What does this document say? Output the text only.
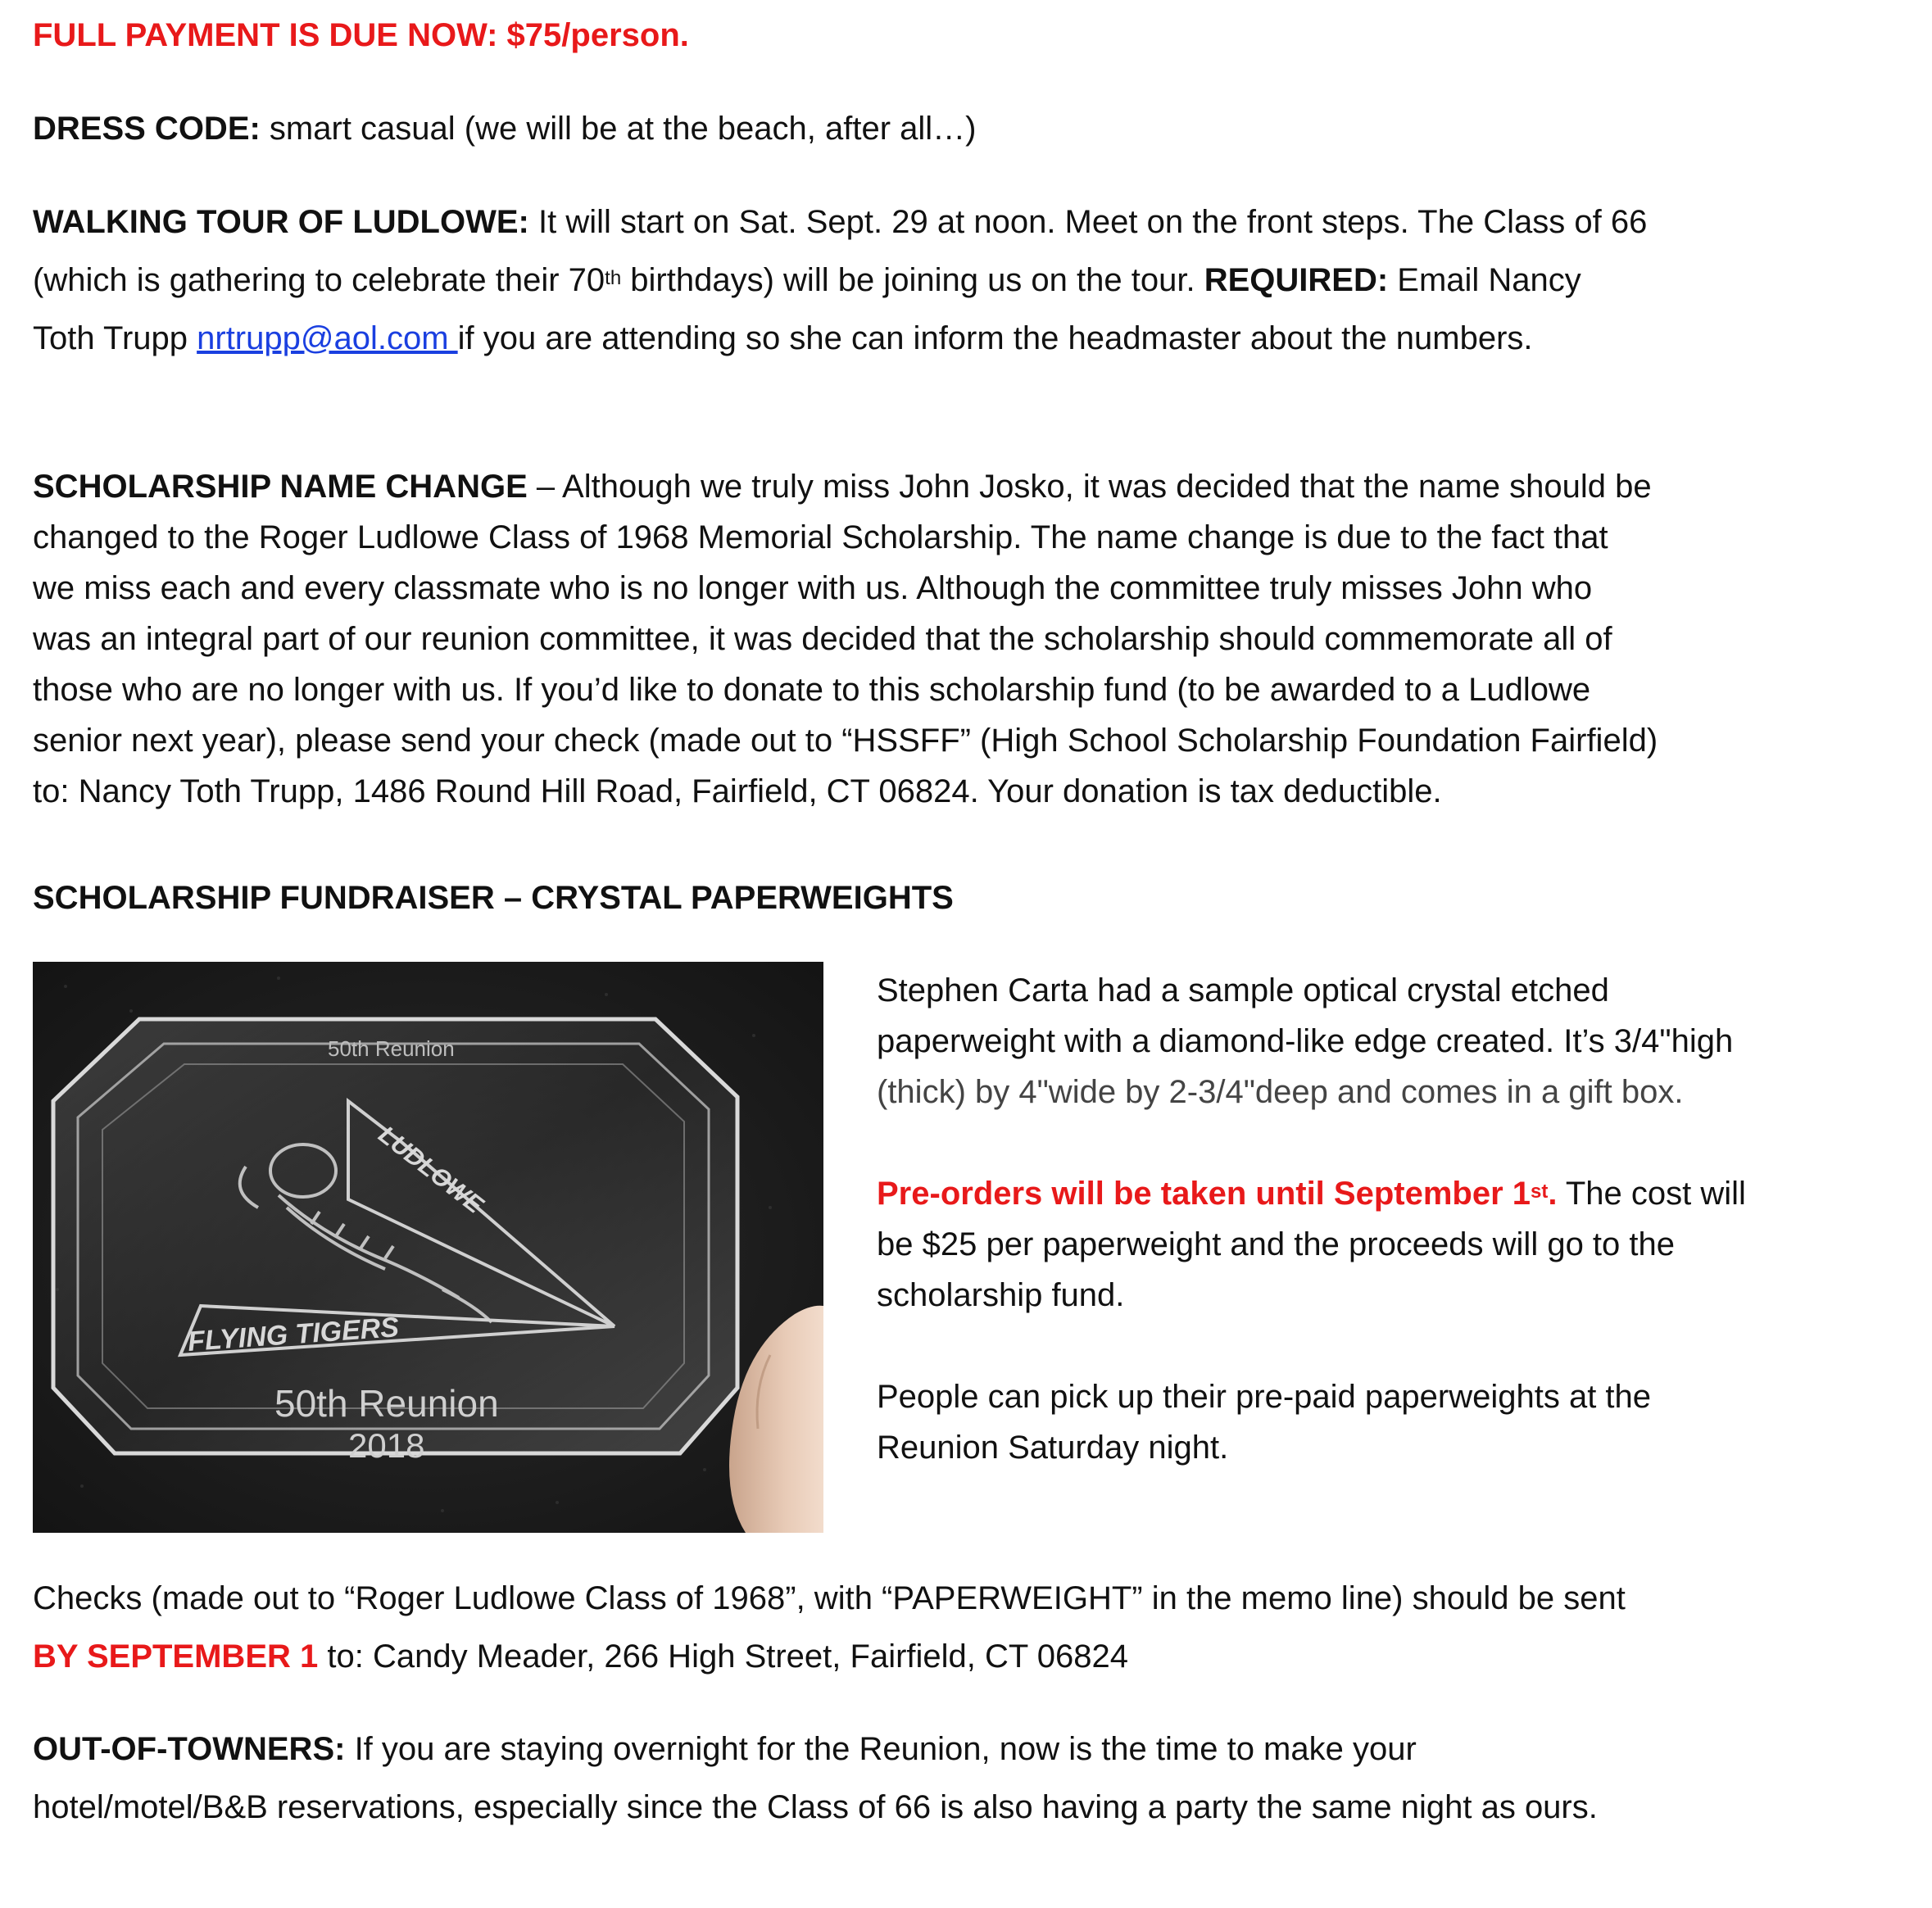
FULL PAYMENT IS DUE NOW: $75/person.

DRESS CODE: smart casual (we will be at the beach, after all…)

WALKING TOUR OF LUDLOWE: It will start on Sat. Sept. 29 at noon. Meet on the front steps. The Class of 66

(which is gathering to celebrate their 70th birthdays) will be joining us on the tour. REQUIRED: Email Nancy

Toth Trupp nrtrupp@aol.com if you are attending so she can inform the headmaster about the numbers.

SCHOLARSHIP NAME CHANGE – Although we truly miss John Josko, it was decided that the name should be

changed to the Roger Ludlowe Class of 1968 Memorial Scholarship. The name change is due to the fact that

we miss each and every classmate who is no longer with us. Although the committee truly misses John who

was an integral part of our reunion committee, it was decided that the scholarship should commemorate all of

those who are no longer with us. If you’d like to donate to this scholarship fund (to be awarded to a Ludlowe

senior next year), please send your check (made out to “HSSFF” (High School Scholarship Foundation Fairfield)

to: Nancy Toth Trupp, 1486 Round Hill Road, Fairfield, CT 06824. Your donation is tax deductible.

SCHOLARSHIP FUNDRAISER – CRYSTAL PAPERWEIGHTS

50th Reunion
LUDLOWE
FLYING TIGERS
50th Reunion
2018

Stephen Carta had a sample optical crystal etched

paperweight with a diamond-like edge created. It’s 3/4"high

(thick) by 4"wide by 2-3/4"deep and comes in a gift box.

Pre-orders will be taken until September 1st. The cost will

be $25 per paperweight and the proceeds will go to the

scholarship fund.

People can pick up their pre-paid paperweights at the

Reunion Saturday night.

Checks (made out to “Roger Ludlowe Class of 1968”, with “PAPERWEIGHT” in the memo line) should be sent

BY SEPTEMBER 1 to: Candy Meader, 266 High Street, Fairfield, CT 06824

OUT-OF-TOWNERS: If you are staying overnight for the Reunion, now is the time to make your

hotel/motel/B&B reservations, especially since the Class of 66 is also having a party the same night as ours.
